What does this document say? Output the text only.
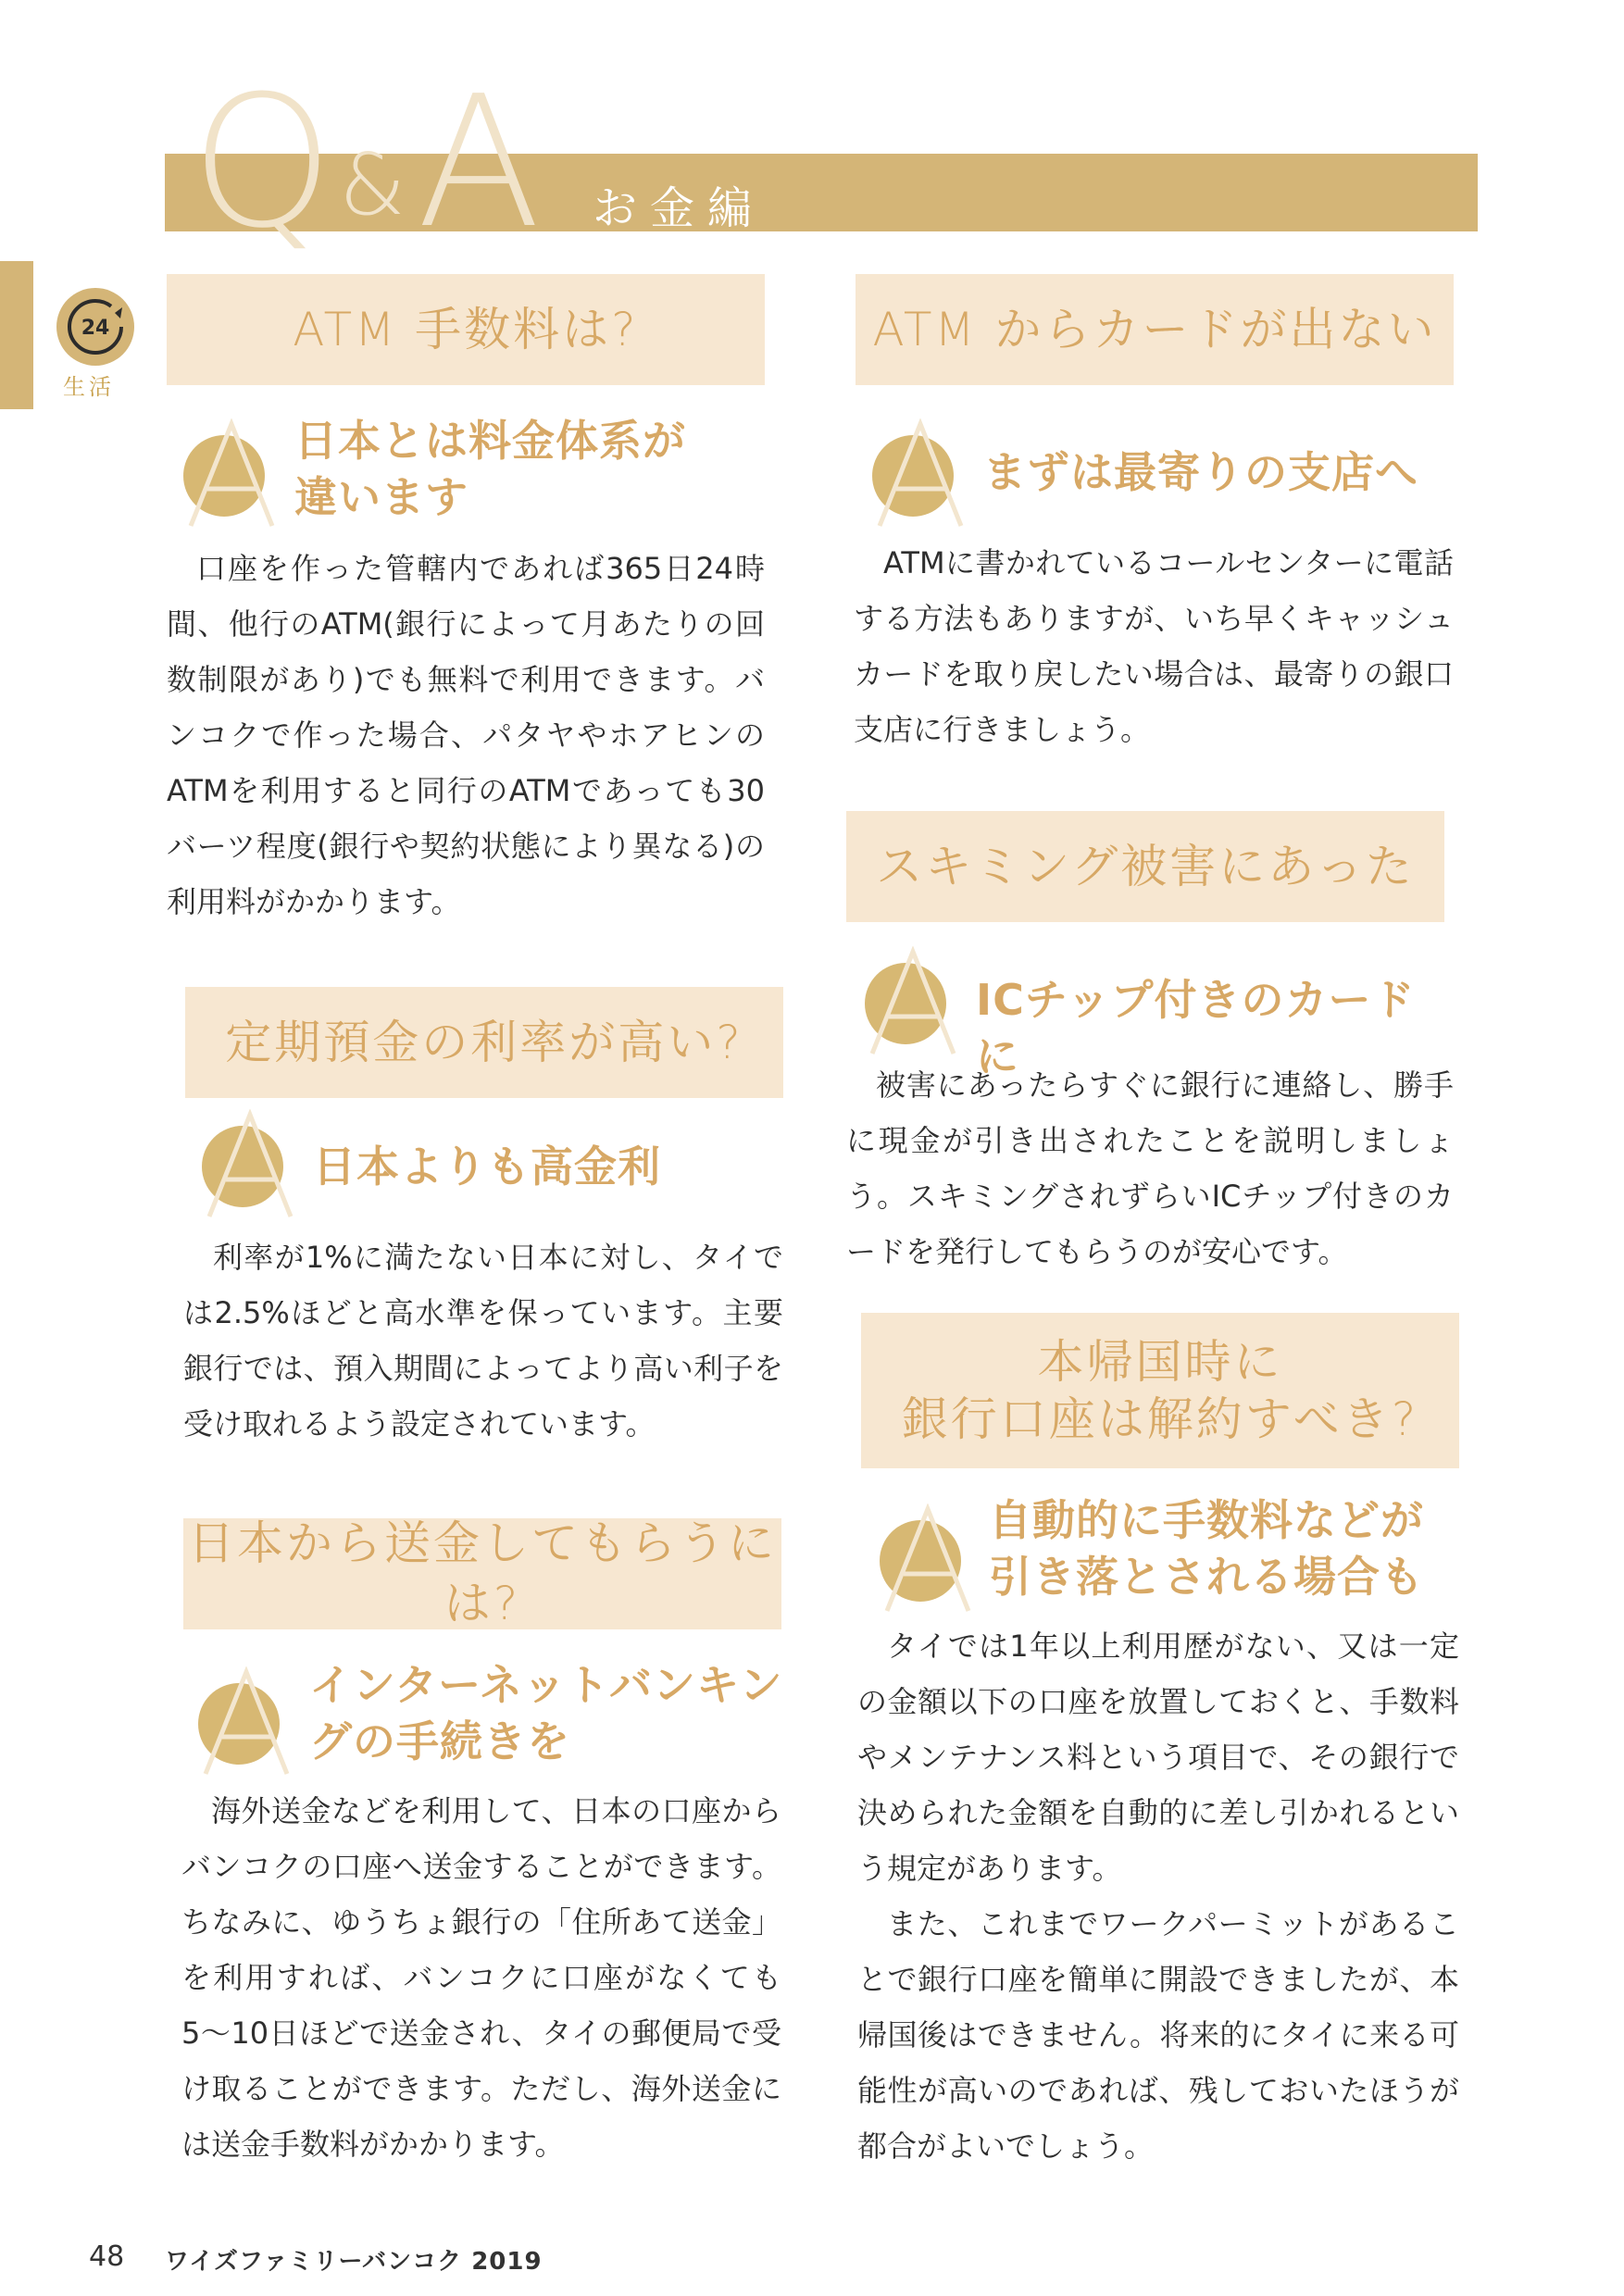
24
生活
Q &A お金編
ATM 手数料は?
日本とは料金体系が
違います

口座を作った管轄内であれば365日24時間、他行のATM(銀行によって月あたりの回数制限があり)でも無料で利用できます。バンコクで作った場合、パタヤやホアヒンのATMを利用すると同行のATMであっても30バーツ程度(銀行や契約状態により異なる)の利用料がかかります。

定期預金の利率が高い?
日本よりも高金利

利率が1%に満たない日本に対し、タイでは2.5%ほどと高水準を保っています。主要銀行では、預入期間によってより高い利子を受け取れるよう設定されています。

日本から送金してもらうには?
インターネットバンキン
グの手続きを

海外送金などを利用して、日本の口座からバンコクの口座へ送金することができます。ちなみに、ゆうちょ銀行の「住所あて送金」を利用すれば、バンコクに口座がなくても5〜10日ほどで送金され、タイの郵便局で受け取ることができます。ただし、海外送金には送金手数料がかかります。

ATM からカードが出ない
まずは最寄りの支店へ

ATMに書かれているコールセンターに電話する方法もありますが、いち早くキャッシュカードを取り戻したい場合は、最寄りの銀口支店に行きましょう。

スキミング被害にあった
ICチップ付きのカードに

被害にあったらすぐに銀行に連絡し、勝手に現金が引き出されたことを説明しましょう。スキミングされずらいICチップ付きのカードを発行してもらうのが安心です。

本帰国時に
銀行口座は解約すべき?
自動的に手数料などが
引き落とされる場合も

タイでは1年以上利用歴がない、又は一定の金額以下の口座を放置しておくと、手数料やメンテナンス料という項目で、その銀行で決められた金額を自動的に差し引かれるという規定があります。

また、これまでワークパーミットがあることで銀行口座を簡単に開設できましたが、本帰国後はできません。将来的にタイに来る可能性が高いのであれば、残しておいたほうが都合がよいでしょう。

48 ワイズファミリーバンコク 2019
